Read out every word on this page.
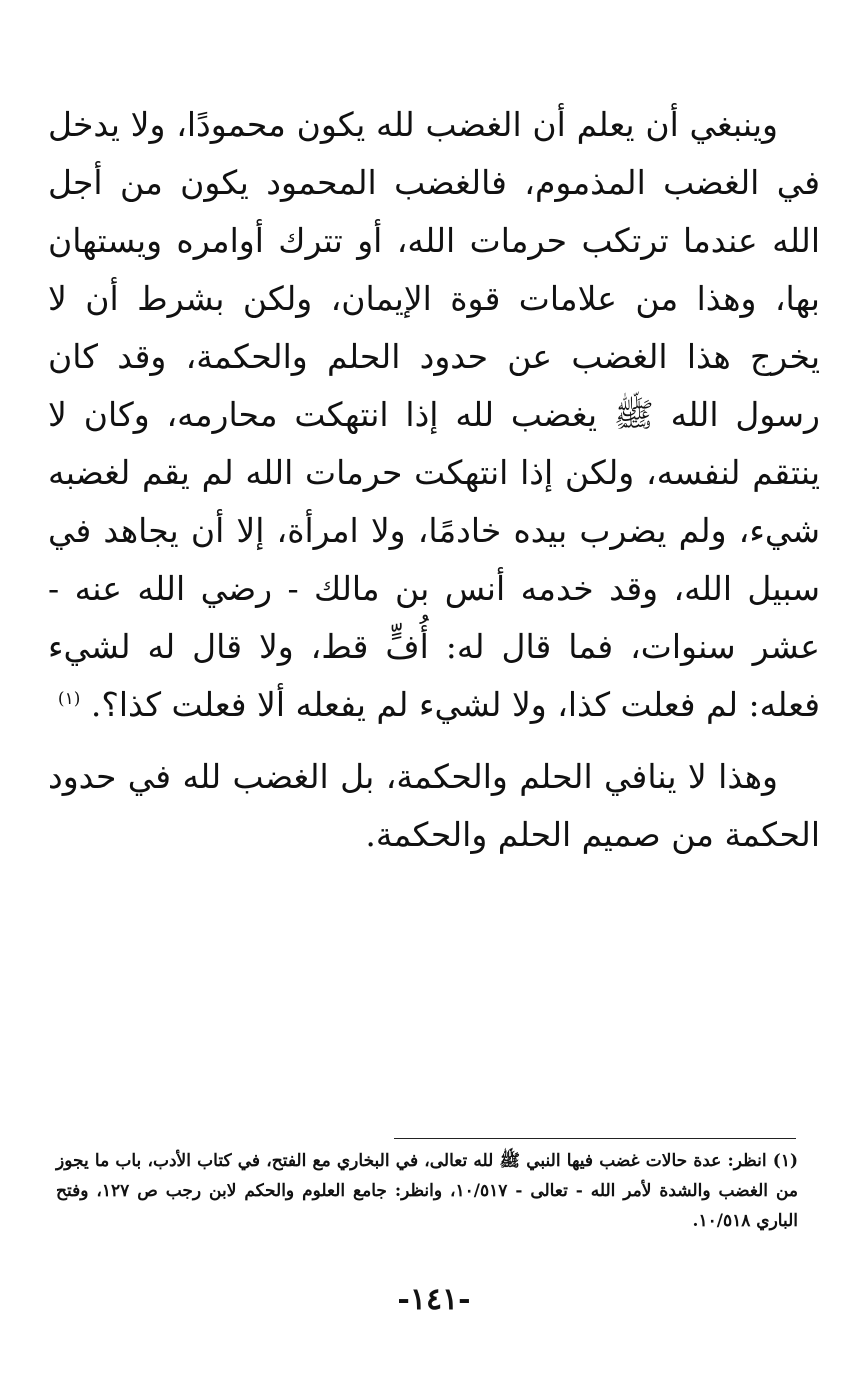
وينبغي أن يعلم أن الغضب لله يكون محمودًا، ولا يدخل في الغضب المذموم، فالغضب المحمود يكون من أجل الله عندما ترتكب حرمات الله، أو تترك أوامره ويستهان بها، وهذا من علامات قوة الإيمان، ولكن بشرط أن لا يخرج هذا الغضب عن حدود الحلم والحكمة، وقد كان رسول الله ﷺ يغضب لله إذا انتهكت محارمه، وكان لا ينتقم لنفسه، ولكن إذا انتهكت حرمات الله لم يقم لغضبه شيء، ولم يضرب بيده خادمًا، ولا امرأة، إلا أن يجاهد في سبيل الله، وقد خدمه أنس بن مالك - رضي الله عنه - عشر سنوات، فما قال له: أُفٍّ قط، ولا قال له لشيء فعله: لم فعلت كذا، ولا لشيء لم يفعله ألا فعلت كذا؟. $^{(١)}$

وهذا لا ينافي الحلم والحكمة، بل الغضب لله في حدود الحكمة من صميم الحلم والحكمة.

(١) انظر: عدة حالات غضب فيها النبي ﷺ لله تعالى، في البخاري مع الفتح، في كتاب الأدب، باب ما يجوز من الغضب والشدة لأمر الله - تعالى - ١٠/٥١٧، وانظر: جامع العلوم والحكم لابن رجب ص ١٢٧، وفتح الباري ١٠/٥١٨.

-١٤١-
